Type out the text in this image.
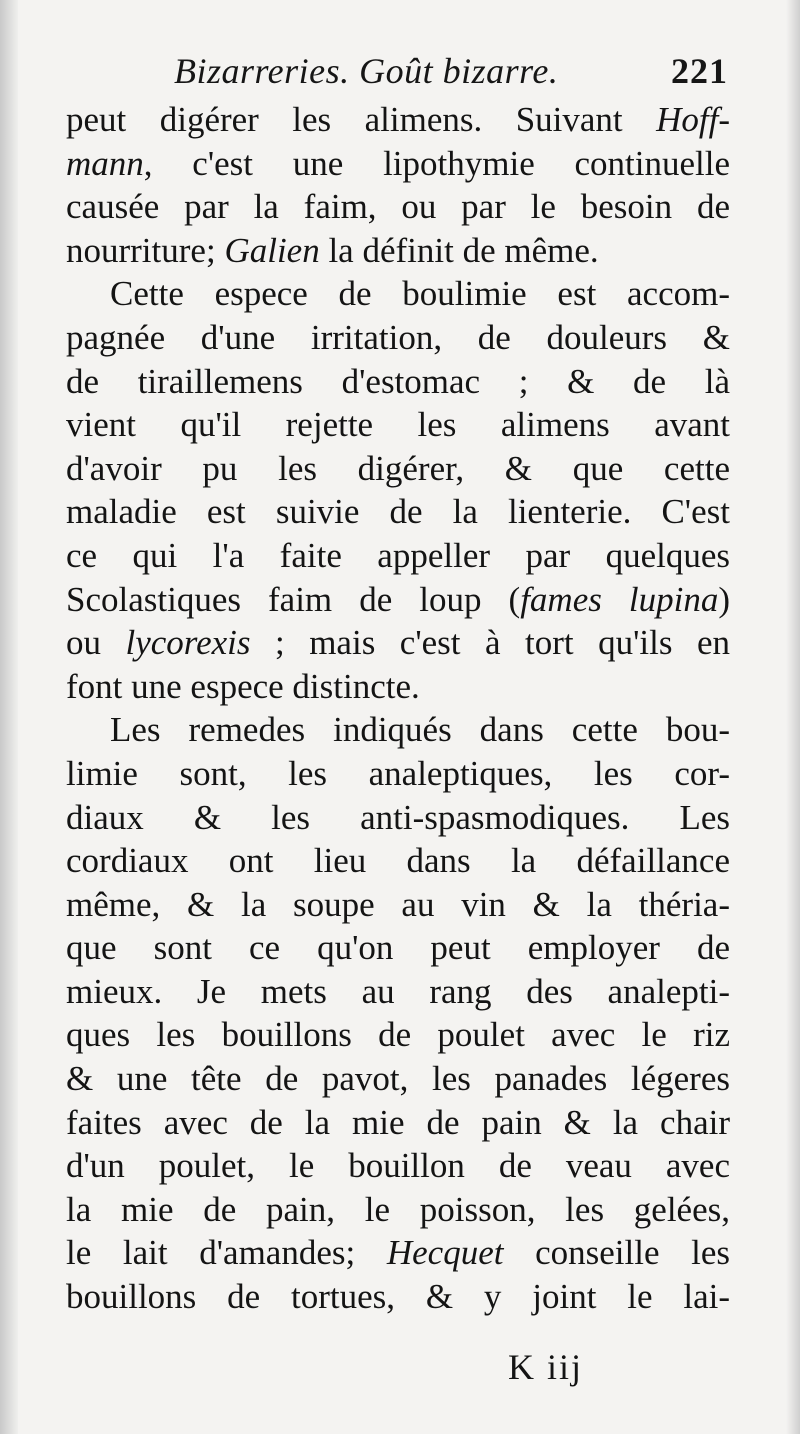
Bizarreries. Goût bizarre.	221
peut digérer les alimens. Suivant Hoff-
mann, c'est une lipothymie continuelle
causée par la faim, ou par le besoin de
nourriture; Galien la définit de même.
Cette espece de boulimie est accom-
pagnée d'une irritation, de douleurs &
de tiraillemens d'estomac ; & de là
vient qu'il rejette les alimens avant
d'avoir pu les digérer, & que cette
maladie est suivie de la lienterie. C'est
ce qui l'a faite appeller par quelques
Scolastiques faim de loup (fames lupina)
ou lycorexis ; mais c'est à tort qu'ils en
font une espece distincte.
Les remedes indiqués dans cette bou-
limie sont, les analeptiques, les cor-
diaux & les anti-spasmodiques. Les
cordiaux ont lieu dans la défaillance
même, & la soupe au vin & la théria-
que sont ce qu'on peut employer de
mieux. Je mets au rang des analepti-
ques les bouillons de poulet avec le riz
& une tête de pavot, les panades légeres
faites avec de la mie de pain & la chair
d'un poulet, le bouillon de veau avec
la mie de pain, le poisson, les gelées,
le lait d'amandes; Hecquet conseille les
bouillons de tortues, & y joint le lai-
K iij
